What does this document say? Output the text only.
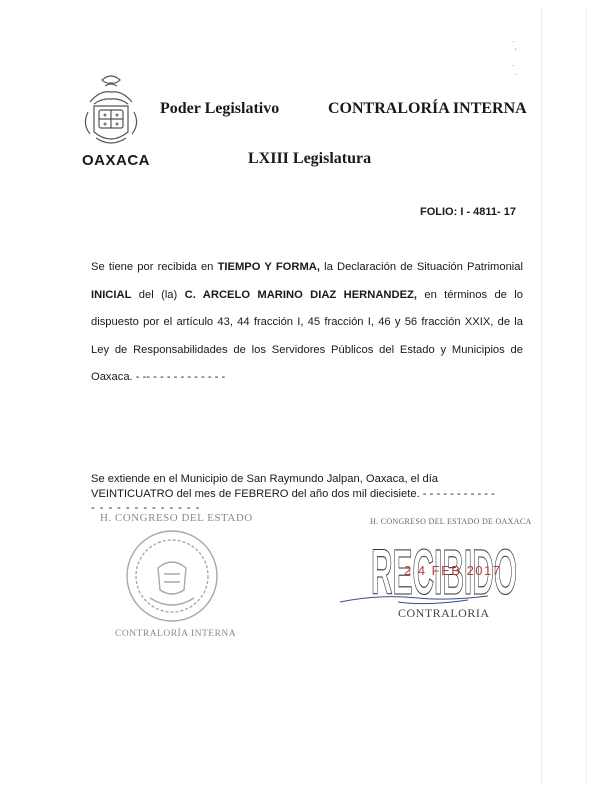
·
'
.
·
OAXACA
Poder Legislativo	CONTRALORÍA INTERNA
LXIII Legislatura
FOLIO: I - 4811- 17
Se tiene por recibida en TIEMPO Y FORMA, la Declaración de Situación Patrimonial INICIAL del (la) C. ARCELO MARINO DIAZ HERNANDEZ, en términos de lo dispuesto por el artículo 43, 44 fracción I, 45 fracción I, 46 y 56 fracción XXIX, de la Ley de Responsabilidades de los Servidores Públicos del Estado y Municipios de Oaxaca. - -- - - - - - - - - - - -
Se extiende en el Municipio de San Raymundo Jalpan, Oaxaca, el día
VEINTICUATRO del mes de FEBRERO del año dos mil diecisiete. - - - - - - - - - - -
- - - - - - - - - - - - -
H. CONGRESO DEL ESTADO
CONTRALORÍA INTERNA
H. CONGRESO DEL ESTADO DE OAXACA
RECIBIDO
2 4 FEB 2017
CONTRALORIA
